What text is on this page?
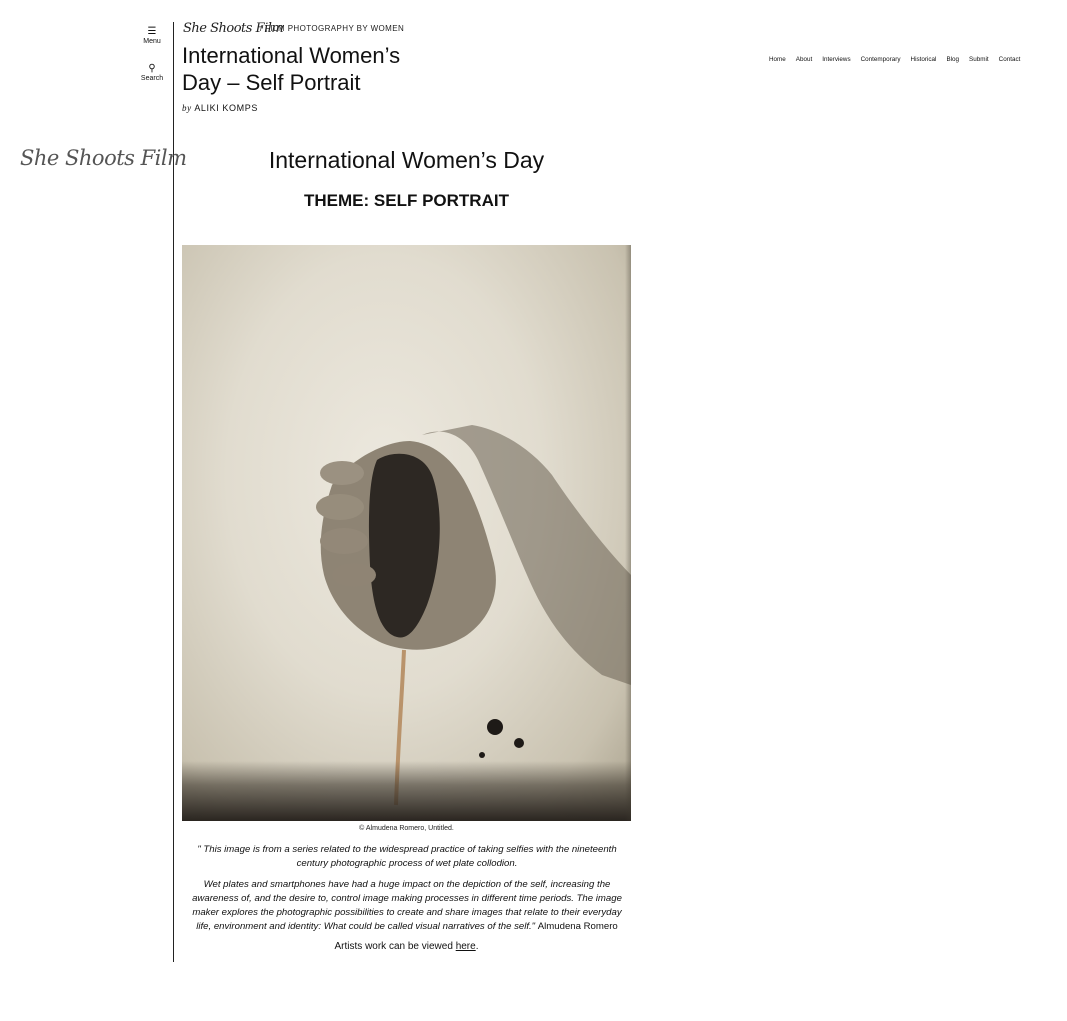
☰
Menu
⚲
Search
She Shoots Film
She Shoots Film
/ FILM PHOTOGRAPHY BY WOMEN
International Women’s Day – Self Portrait
by ALIKI KOMPS
Home About Interviews Contemporary Historical Blog Submit Contact
International Women’s Day
THEME: SELF PORTRAIT
© Almudena Romero, Untitled.

" This image is from a series related to the widespread practice of taking selfies with the nineteenth century photographic process of wet plate collodion.

Wet plates and smartphones have had a huge impact on the depiction of the self, increasing the awareness of, and the desire to, control image making processes in different time periods. The image maker explores the photographic possibilities to create and share images that relate to their everyday life, environment and identity: What could be called visual narratives of the self." Almudena Romero

Artists work can be viewed here.
